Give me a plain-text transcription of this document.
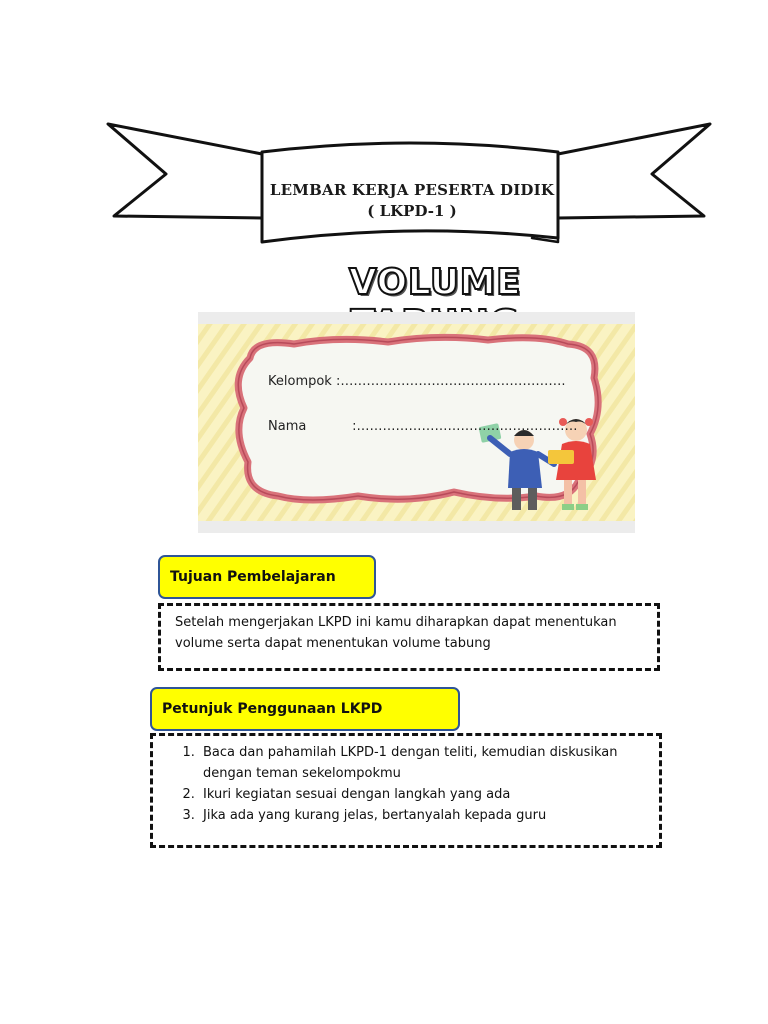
LEMBAR KERJA PESERTA DIDIK
( LKPD-1 )
VOLUME
Kelompok :…………………………………………….
Nama	:……………………………………………
Tujuan Pembelajaran

Setelah mengerjakan LKPD ini kamu diharapkan dapat menentukan volume serta dapat menentukan volume tabung

Petunjuk Penggunaan LKPD
1. Baca dan pahamilah LKPD-1 dengan teliti, kemudian diskusikan dengan teman sekelompokmu
2. Ikuri kegiatan sesuai dengan langkah yang ada
3. Jika ada yang kurang jelas, bertanyalah kepada guru
